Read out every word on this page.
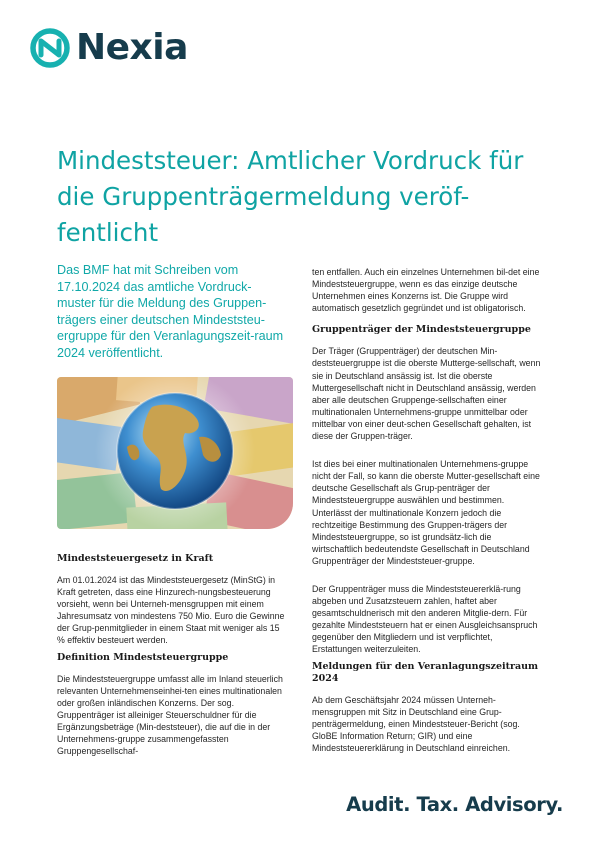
Nexia
Mindeststeuer: Amtlicher Vordruck für die Gruppenträgermeldung veröf-fentlicht

Das BMF hat mit Schreiben vom 17.10.2024 das amtliche Vordruck-muster für die Meldung des Gruppen-trägers einer deutschen Mindeststeu-ergruppe für den Veranlagungszeit-raum 2024 veröffentlicht.

Mindeststeuergesetz in Kraft

Am 01.01.2024 ist das Mindeststeuergesetz (MinStG) in Kraft getreten, dass eine Hinzurech-nungsbesteuerung vorsieht, wenn bei Unterneh-mensgruppen mit einem Jahresumsatz von mindestens 750 Mio. Euro die Gewinne der Grup-penmitglieder in einem Staat mit weniger als 15 % effektiv besteuert werden.

Definition Mindeststeuergruppe

Die Mindeststeuergruppe umfasst alle im Inland steuerlich relevanten Unternehmenseinhei-ten eines multinationalen oder großen inländischen Konzerns. Der sog. Gruppenträger ist alleiniger Steuerschuldner für die Ergänzungsbeträge (Min-deststeuer), die auf die in der Unternehmens-gruppe zusammengefassten Gruppengesellschaf-

ten entfallen. Auch ein einzelnes Unternehmen bil-det eine Mindeststeuergruppe, wenn es das einzige deutsche Unternehmen eines Konzerns ist. Die Gruppe wird automatisch gesetzlich gegründet und ist obligatorisch.

Gruppenträger der Mindeststeuergruppe

Der Träger (Gruppenträger) der deutschen Min-deststeuergruppe ist die oberste Muttergе-sellschaft, wenn sie in Deutschland ansässig ist. Ist die oberste Muttergesellschaft nicht in Deutschland ansässig, werden aber alle deutschen Gruppenge-sellschaften einer multinationalen Unternehmens-gruppe unmittelbar oder mittelbar von einer deut-schen Gesellschaft gehalten, ist diese der Gruppen-träger.

Ist dies bei einer multinationalen Unternehmens-gruppe nicht der Fall, so kann die oberste Mutter-gesellschaft eine deutsche Gesellschaft als Grup-penträger der Mindeststeuergruppe auswählen und bestimmen. Unterlässt der multinationale Konzern jedoch die rechtzeitige Bestimmung des Gruppen-trägers der Mindeststeuergruppe, so ist grundsätz-lich die wirtschaftlich bedeutendste Gesellschaft in Deutschland Gruppenträger der Mindeststeuer-gruppe.

Der Gruppenträger muss die Mindeststeuererklä-rung abgeben und Zusatzsteuern zahlen, haftet aber gesamtschuldnerisch mit den anderen Mitglie-dern. Für gezahlte Mindeststeuern hat er einen Ausgleichsanspruch gegenüber den Mitgliedern und ist verpflichtet, Erstattungen weiterzuleiten.

Meldungen für den Veranlagungszeitraum 2024

Ab dem Geschäftsjahr 2024 müssen Unterneh-mensgruppen mit Sitz in Deutschland eine Grup-penträgermeldung, einen Mindeststeuer-Bericht (sog. GloBE Information Return; GIR) und eine Mindeststeuererklärung in Deutschland einreichen.

Audit. Tax. Advisory.
